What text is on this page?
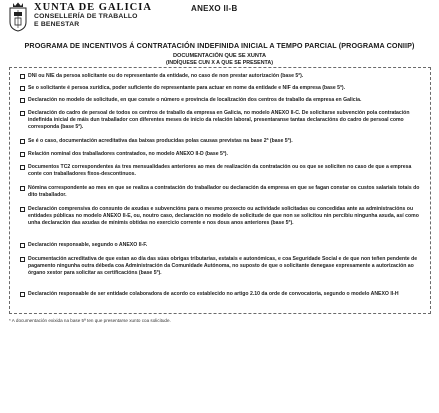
XUNTA DE GALICIA
CONSELLERÍA DE TRABALLO
E BENESTAR
ANEXO II-B
PROGRAMA DE INCENTIVOS Á CONTRATACIÓN INDEFINIDA INICIAL A TEMPO PARCIAL (PROGRAMA CONIIP)
DOCUMENTACIÓN QUE SE XUNTA
(INDÍQUESE CUN X A QUE SE PRESENTA)
DNI ou NIE da persoa solicitante ou do representante da entidade, no caso de non prestar autorización (base 5ª).
Se o solicitante é persoa xurídica, poder suficiente do representante para actuar en nome da entidade e NIF da empresa (base 5ª).
Declaración no modelo de solicitude, en que conste o número e provincia de localización dos centros de traballo da empresa en Galicia.
Declaración do cadro de persoal de todos os centros de traballo da empresa en Galicia, no modelo ANEXO II-C. De solicitarse subvención pola contratación indefinida inicial de máis dun traballador con diferentes meses de inicio da relación laboral, presentaranse tantas declaracións do cadro de persoal como corresponda (base 5ª).
Se é o caso, documentación acreditativa das baixas producidas polas causas previstas na base 2ª (base 5ª).
Relación nominal dos traballadores contratados, no modelo ANEXO II-D (base 5ª).
Documentos TC2 correspondentes ás tres mensualidades anteriores ao mes de realización da contratación ou os que se soliciten no caso de que a empresa conte con traballadores fixos-descontinuos.
Nómina correspondente ao mes en que se realiza a contratación do traballador ou declaración da empresa en que se fagan constar os custos salariais totais do dito traballador.
Declaración comprensiva do conxunto de axudas e subvencións para o mesmo proxecto ou actividade solicitadas ou concedidas ante as administracións ou entidades públicas no modelo ANEXO II-E, ou, noutro caso, declaración no modelo de solicitude de que non se solicitou nin percibiu ningunha axuda, así como unha declaración das axudas de mínimis obtidas no exercicio corrente e nos dous anos anteriores (base 5ª).
Declaración responsable, segundo o ANEXO II-F.
Documentación acreditativa de que estan ao día das súas obrigas tributarias, estatais e autonómicas, e coa Seguridade Social e de que non teñen pendente de pagamento ningunha outra débeda coa Administración da Comunidade Autónoma, no suposto de que o solicitante denegase expresamente a autorización ao órgano xestor para solicitar as certificacións (base 5ª).
Declaración responsable de ser entidade colaboradora de acordo co establecido no artigo 2.10 da orde de convocatoria, segundo o modelo ANEXO II-H
* A documentación exixida na base 5ª ten que presentarse xunto coa solicitude.
